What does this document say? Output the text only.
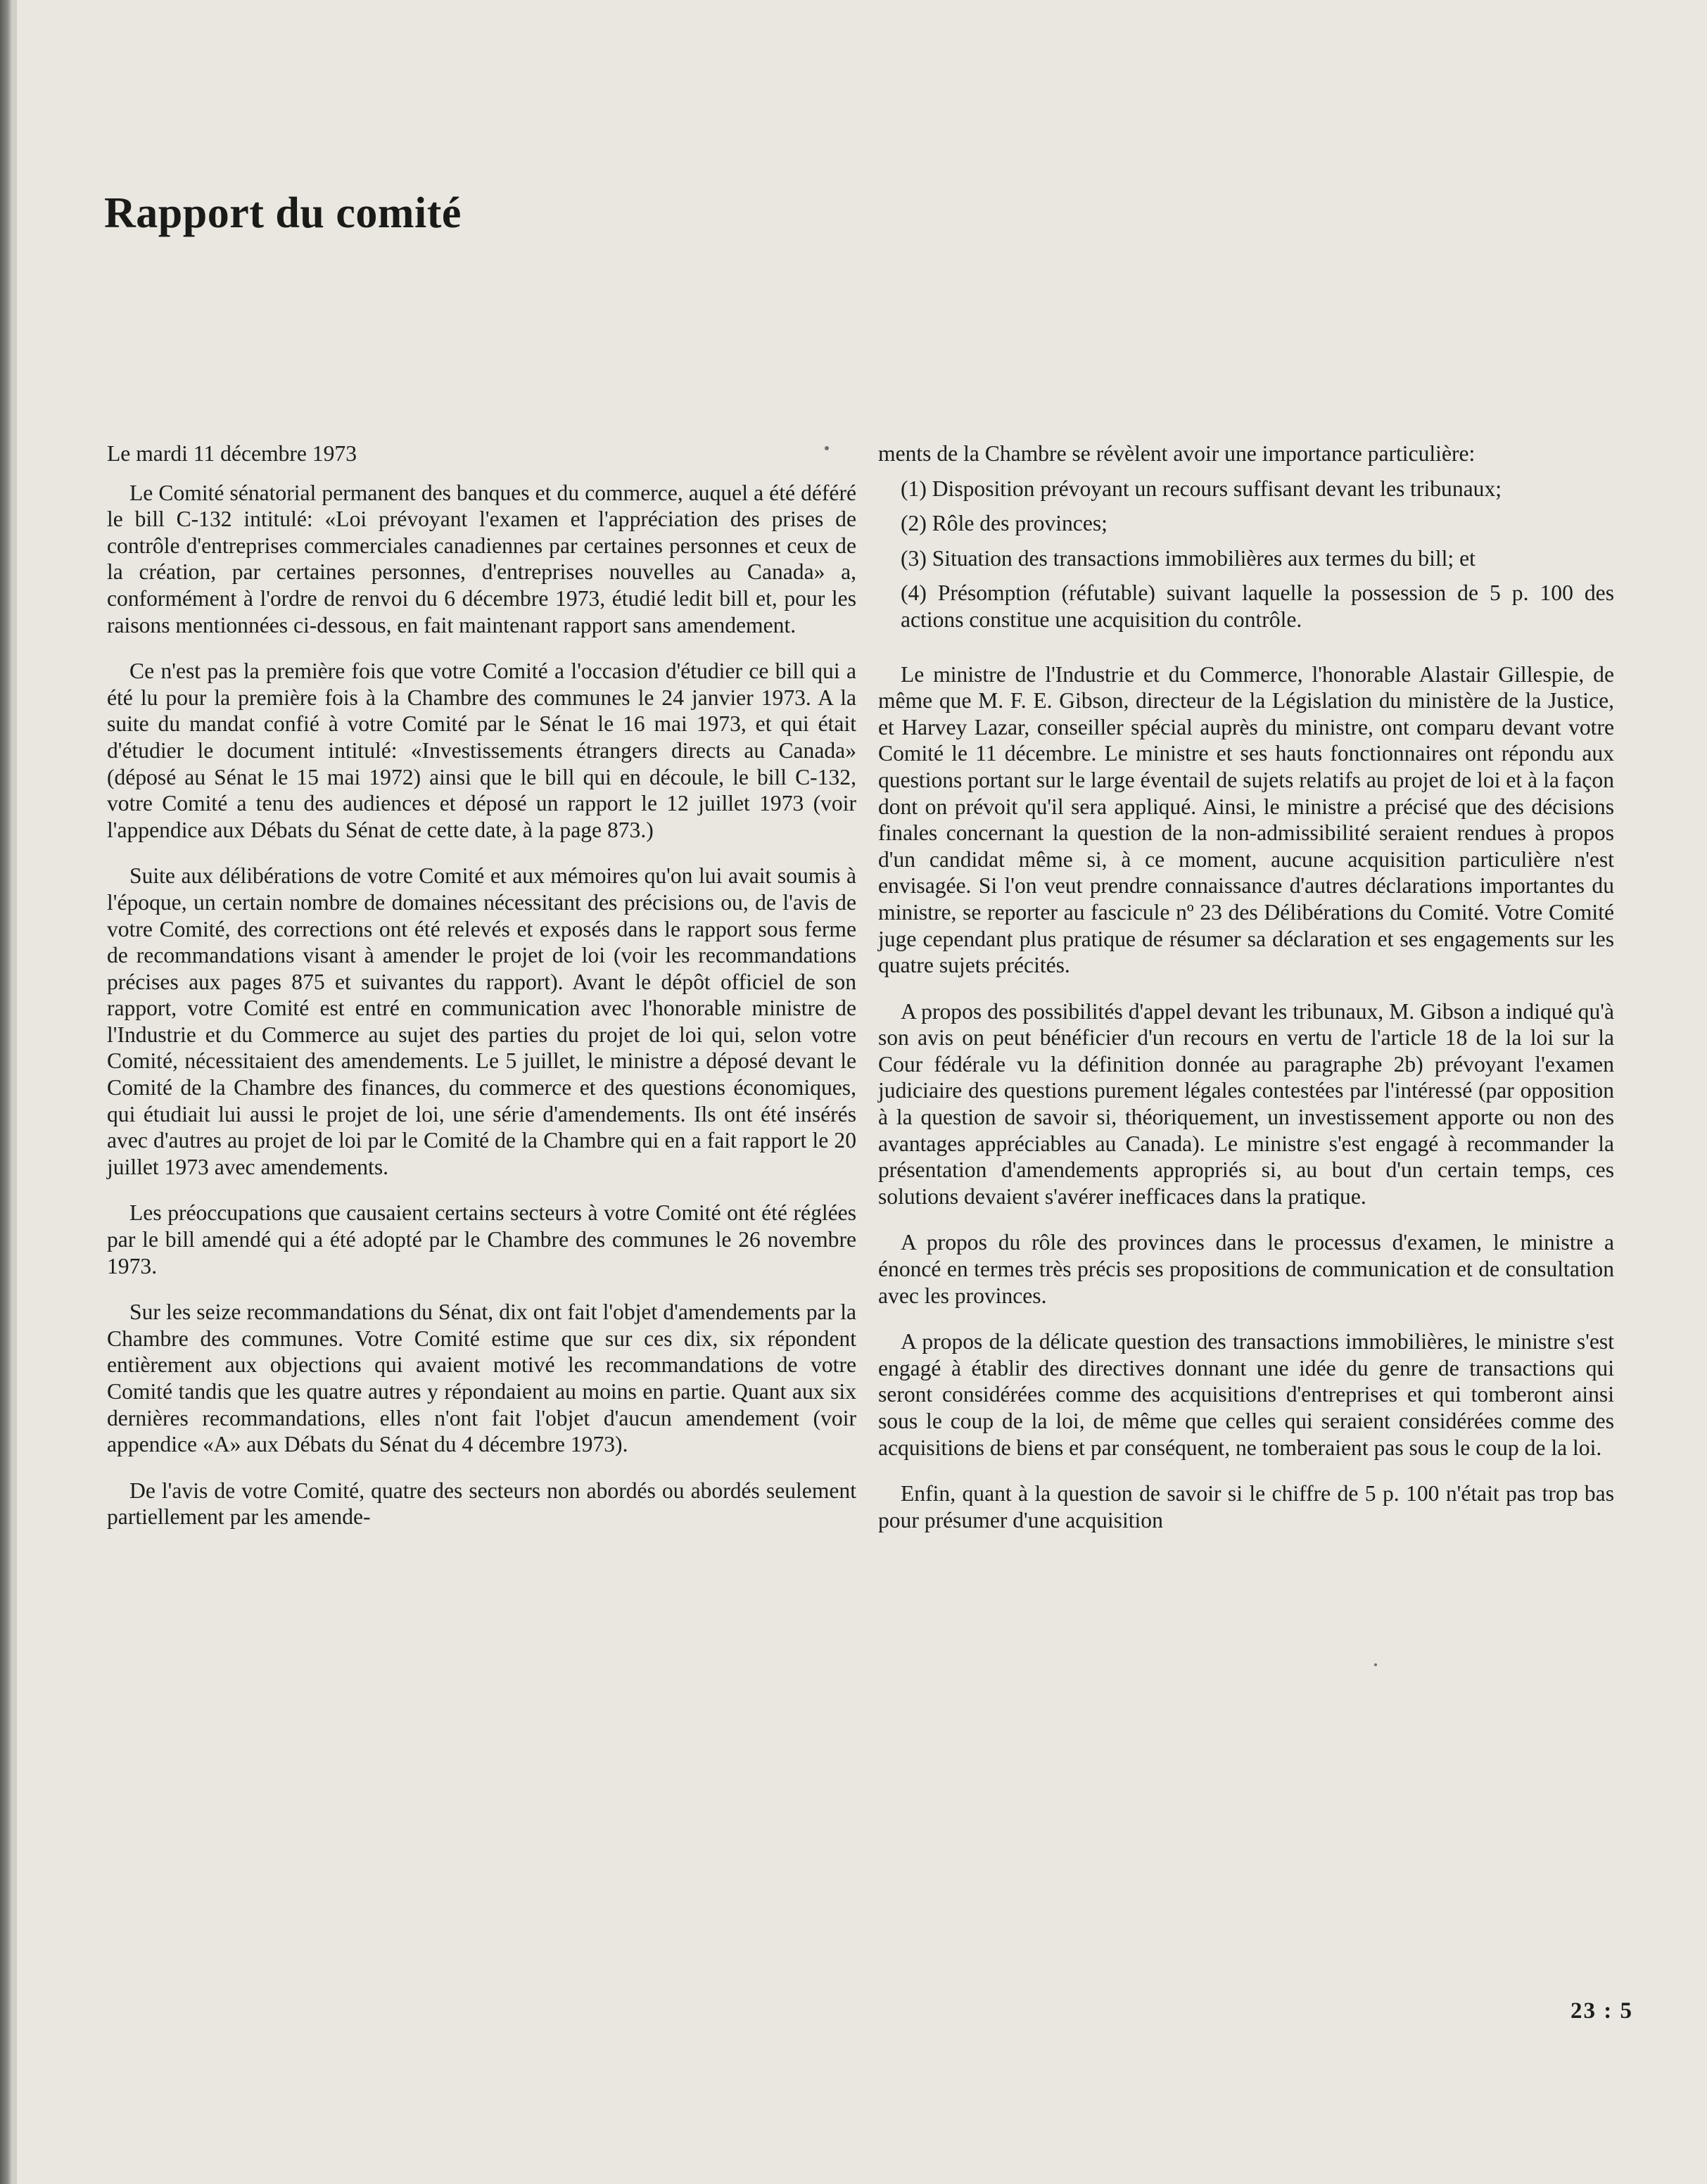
Rapport du comité

Le mardi 11 décembre 1973

Le Comité sénatorial permanent des banques et du commerce, auquel a été déféré le bill C-132 intitulé: «Loi prévoyant l'examen et l'appréciation des prises de contrôle d'entreprises commerciales canadiennes par certaines personnes et ceux de la création, par certaines personnes, d'entreprises nouvelles au Canada» a, conformément à l'ordre de renvoi du 6 décembre 1973, étudié ledit bill et, pour les raisons mentionnées ci-dessous, en fait maintenant rapport sans amendement.

Ce n'est pas la première fois que votre Comité a l'occasion d'étudier ce bill qui a été lu pour la première fois à la Chambre des communes le 24 janvier 1973. A la suite du mandat confié à votre Comité par le Sénat le 16 mai 1973, et qui était d'étudier le document intitulé: «Investissements étrangers directs au Canada» (déposé au Sénat le 15 mai 1972) ainsi que le bill qui en découle, le bill C-132, votre Comité a tenu des audiences et déposé un rapport le 12 juillet 1973 (voir l'appendice aux Débats du Sénat de cette date, à la page 873.)

Suite aux délibérations de votre Comité et aux mémoires qu'on lui avait soumis à l'époque, un certain nombre de domaines nécessitant des précisions ou, de l'avis de votre Comité, des corrections ont été relevés et exposés dans le rapport sous ferme de recommandations visant à amender le projet de loi (voir les recommandations précises aux pages 875 et suivantes du rapport). Avant le dépôt officiel de son rapport, votre Comité est entré en communication avec l'honorable ministre de l'Industrie et du Commerce au sujet des parties du projet de loi qui, selon votre Comité, nécessitaient des amendements. Le 5 juillet, le ministre a déposé devant le Comité de la Chambre des finances, du commerce et des questions économiques, qui étudiait lui aussi le projet de loi, une série d'amendements. Ils ont été insérés avec d'autres au projet de loi par le Comité de la Chambre qui en a fait rapport le 20 juillet 1973 avec amendements.

Les préoccupations que causaient certains secteurs à votre Comité ont été réglées par le bill amendé qui a été adopté par le Chambre des communes le 26 novembre 1973.

Sur les seize recommandations du Sénat, dix ont fait l'objet d'amendements par la Chambre des communes. Votre Comité estime que sur ces dix, six répondent entièrement aux objections qui avaient motivé les recommandations de votre Comité tandis que les quatre autres y répondaient au moins en partie. Quant aux six dernières recommandations, elles n'ont fait l'objet d'aucun amendement (voir appendice «A» aux Débats du Sénat du 4 décembre 1973).

De l'avis de votre Comité, quatre des secteurs non abordés ou abordés seulement partiellement par les amende-

ments de la Chambre se révèlent avoir une importance particulière:

(1) Disposition prévoyant un recours suffisant devant les tribunaux;

(2) Rôle des provinces;

(3) Situation des transactions immobilières aux termes du bill; et

(4) Présomption (réfutable) suivant laquelle la possession de 5 p. 100 des actions constitue une acquisition du contrôle.

Le ministre de l'Industrie et du Commerce, l'honorable Alastair Gillespie, de même que M. F. E. Gibson, directeur de la Législation du ministère de la Justice, et Harvey Lazar, conseiller spécial auprès du ministre, ont comparu devant votre Comité le 11 décembre. Le ministre et ses hauts fonctionnaires ont répondu aux questions portant sur le large éventail de sujets relatifs au projet de loi et à la façon dont on prévoit qu'il sera appliqué. Ainsi, le ministre a précisé que des décisions finales concernant la question de la non-admissibilité seraient rendues à propos d'un candidat même si, à ce moment, aucune acquisition particulière n'est envisagée. Si l'on veut prendre connaissance d'autres déclarations importantes du ministre, se reporter au fascicule nº 23 des Délibérations du Comité. Votre Comité juge cependant plus pratique de résumer sa déclaration et ses engagements sur les quatre sujets précités.

A propos des possibilités d'appel devant les tribunaux, M. Gibson a indiqué qu'à son avis on peut bénéficier d'un recours en vertu de l'article 18 de la loi sur la Cour fédérale vu la définition donnée au paragraphe 2b) prévoyant l'examen judiciaire des questions purement légales contestées par l'intéressé (par opposition à la question de savoir si, théoriquement, un investissement apporte ou non des avantages appréciables au Canada). Le ministre s'est engagé à recommander la présentation d'amendements appropriés si, au bout d'un certain temps, ces solutions devaient s'avérer inefficaces dans la pratique.

A propos du rôle des provinces dans le processus d'examen, le ministre a énoncé en termes très précis ses propositions de communication et de consultation avec les provinces.

A propos de la délicate question des transactions immobilières, le ministre s'est engagé à établir des directives donnant une idée du genre de transactions qui seront considérées comme des acquisitions d'entreprises et qui tomberont ainsi sous le coup de la loi, de même que celles qui seraient considérées comme des acquisitions de biens et par conséquent, ne tomberaient pas sous le coup de la loi.

Enfin, quant à la question de savoir si le chiffre de 5 p. 100 n'était pas trop bas pour présumer d'une acquisition

23 : 5
